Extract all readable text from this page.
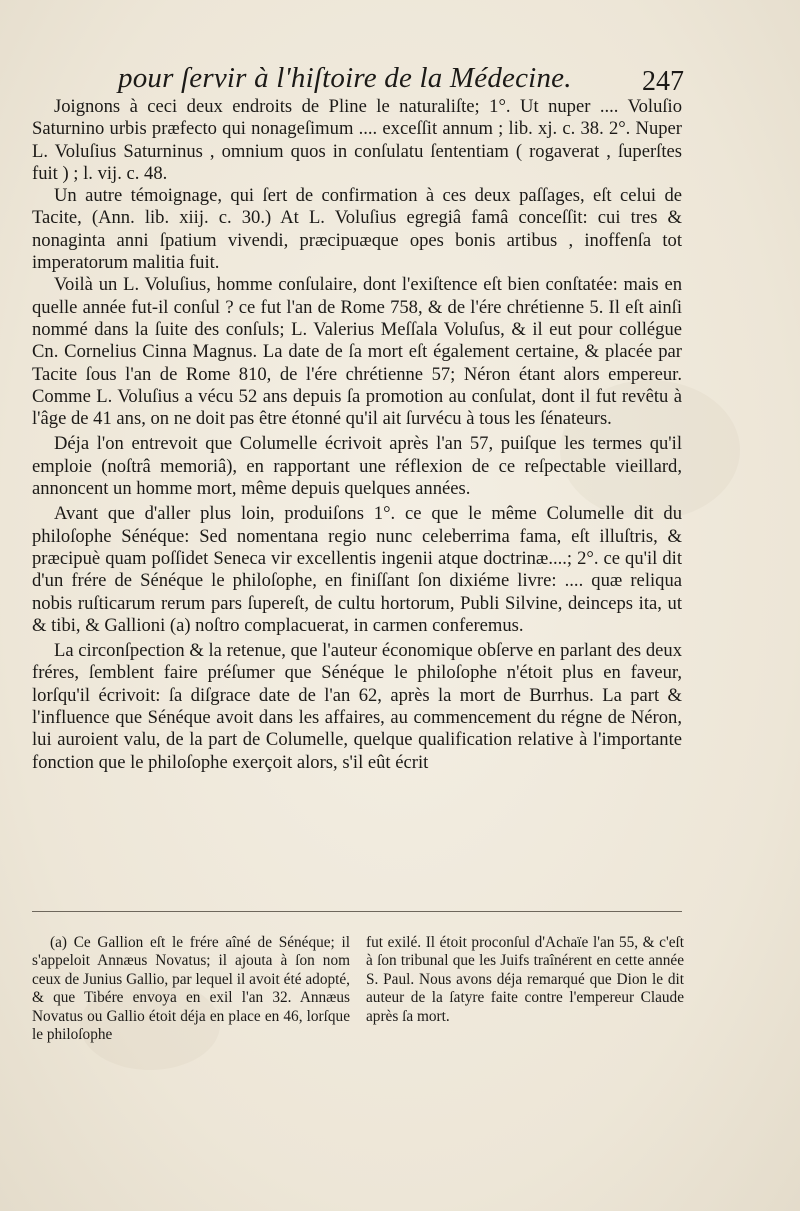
pour ſervir à l'hiſtoire de la Médecine.	247

Joignons à ceci deux endroits de Pline le naturaliſte; 1°. Ut nuper .... Voluſio Saturnino urbis præfecto qui nonageſimum .... exceſſit annum ; lib. xj. c. 38. 2°. Nuper L. Voluſius Saturninus , omnium quos in conſulatu ſententiam ( rogaverat , ſuperſtes fuit ) ; l. vij. c. 48.

Un autre témoignage, qui ſert de confirmation à ces deux paſſages, eſt celui de Tacite, (Ann. lib. xiij. c. 30.) At L. Voluſius egregiâ famâ conceſſit: cui tres & nonaginta anni ſpatium vivendi, præcipuæque opes bonis artibus , inoffenſa tot imperatorum malitia fuit.

Voilà un L. Voluſius, homme conſulaire, dont l'exiſtence eſt bien conſtatée: mais en quelle année fut-il conſul ? ce fut l'an de Rome 758, & de l'ére chrétienne 5. Il eſt ainſi nommé dans la ſuite des conſuls; L. Valerius Meſſala Voluſus, & il eut pour collégue Cn. Cornelius Cinna Magnus. La date de ſa mort eſt également certaine, & placée par Tacite ſous l'an de Rome 810, de l'ére chrétienne 57; Néron étant alors empereur. Comme L. Voluſius a vécu 52 ans depuis ſa promotion au conſulat, dont il fut revêtu à l'âge de 41 ans, on ne doit pas être étonné qu'il ait ſurvécu à tous les ſénateurs.

Déja l'on entrevoit que Columelle écrivoit après l'an 57, puiſque les termes qu'il emploie (noſtrâ memoriâ), en rapportant une réflexion de ce reſpectable vieillard, annoncent un homme mort, même depuis quelques années.

Avant que d'aller plus loin, produiſons 1°. ce que le même Columelle dit du philoſophe Sénéque: Sed nomentana regio nunc celeberrima fama, eſt illuſtris, & præcipuè quam poſſidet Seneca vir excellentis ingenii atque doctrinæ....; 2°. ce qu'il dit d'un frére de Sénéque le philoſophe, en finiſſant ſon dixiéme livre: .... quæ reliqua nobis ruſticarum rerum pars ſupereſt, de cultu hortorum, Publi Silvine, deinceps ita, ut & tibi, & Gallioni (a) noſtro complacuerat, in carmen conferemus.

La circonſpection & la retenue, que l'auteur économique obſerve en parlant des deux fréres, ſemblent faire préſumer que Sénéque le philoſophe n'étoit plus en faveur, lorſqu'il écrivoit: ſa diſgrace date de l'an 62, après la mort de Burrhus. La part & l'influence que Sénéque avoit dans les affaires, au commencement du régne de Néron, lui auroient valu, de la part de Columelle, quelque qualification relative à l'importante fonction que le philoſophe exerçoit alors, s'il eût écrit

(a) Ce Gallion eſt le frére aîné de Sénéque; il s'appeloit Annæus Novatus; il ajouta à ſon nom ceux de Junius Gallio, par lequel il avoit été adopté, & que Tibére envoya en exil l'an 32. Annæus Novatus ou Gallio étoit déja en place en 46, lorſque le philoſophe

fut exilé. Il étoit proconſul d'Achaïe l'an 55, & c'eſt à ſon tribunal que les Juifs traînérent en cette année S. Paul. Nous avons déja remarqué que Dion le dit auteur de la ſatyre faite contre l'empereur Claude après ſa mort.
